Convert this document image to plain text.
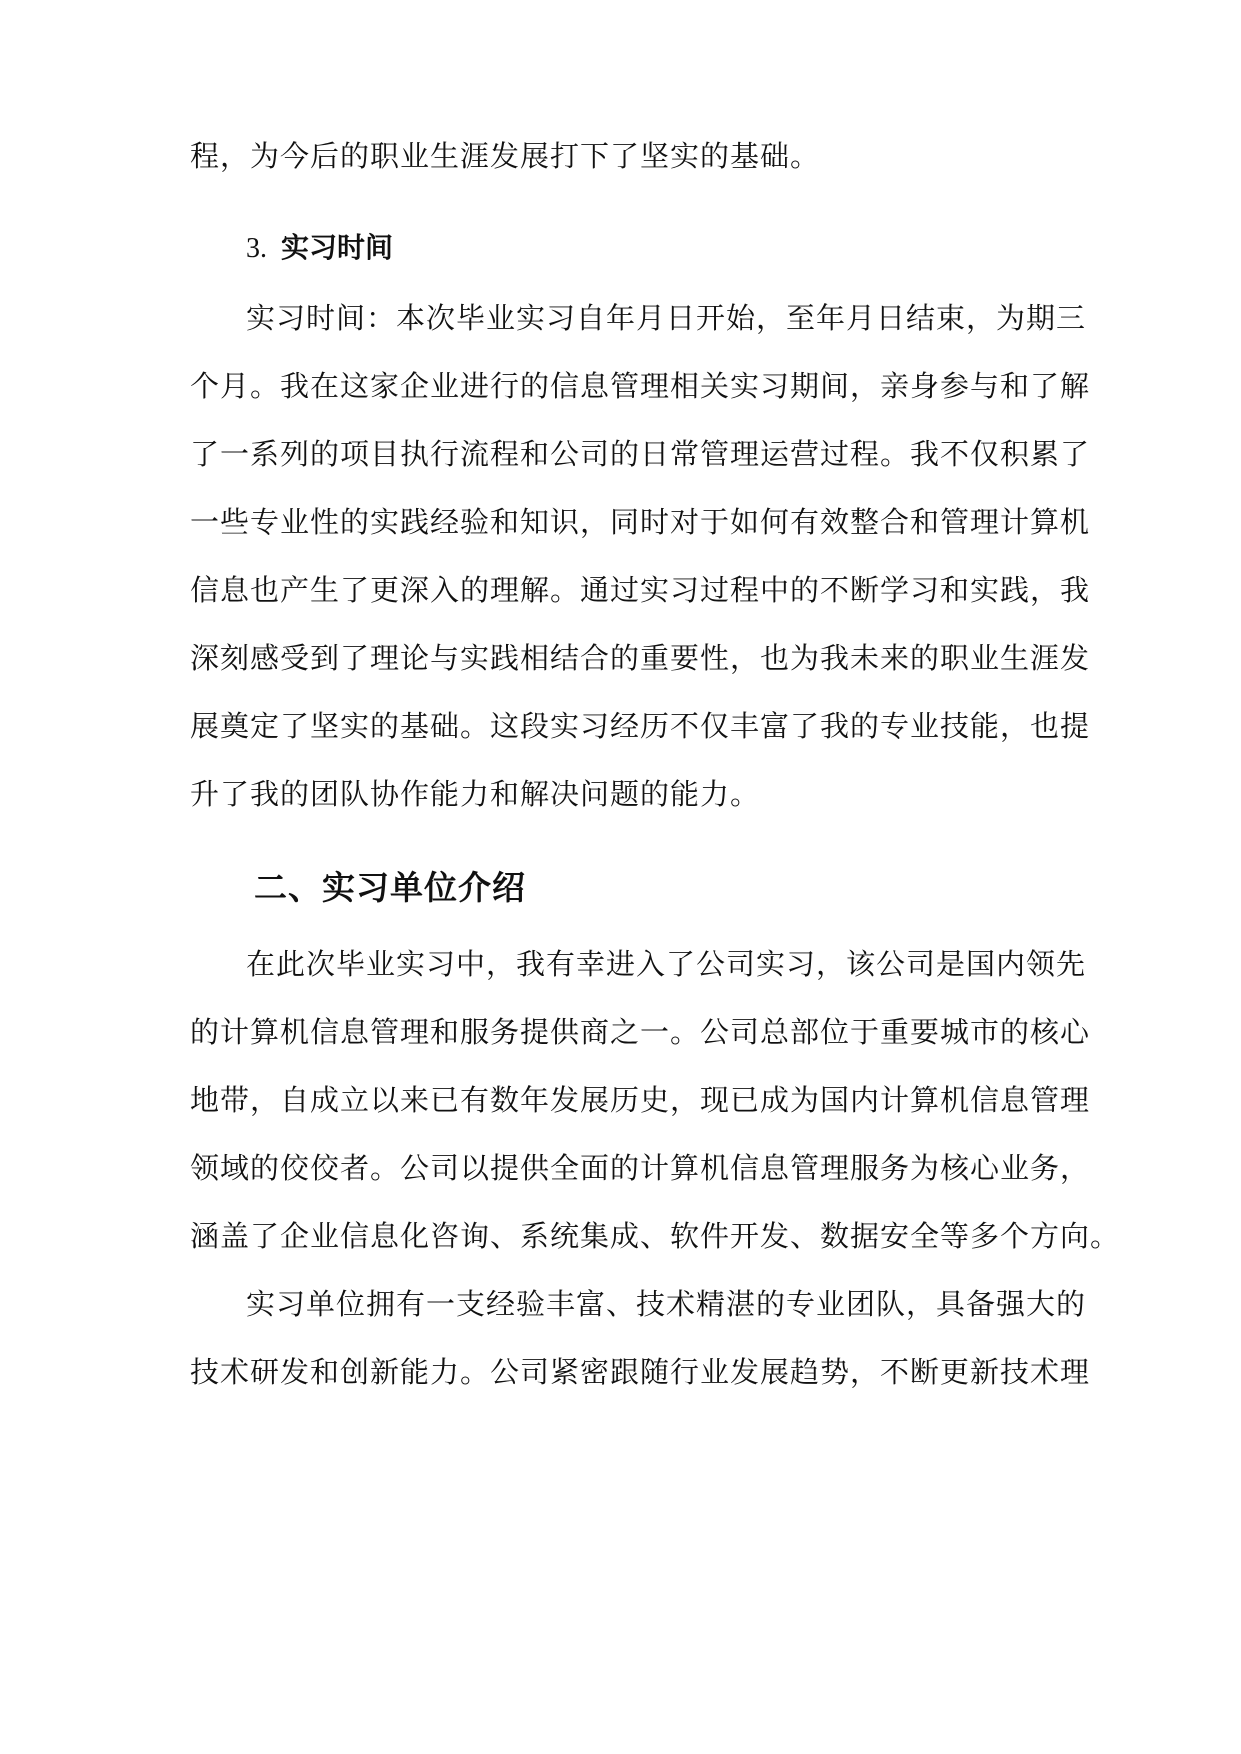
程，为今后的职业生涯发展打下了坚实的基础。
3. 实习时间
实习时间：本次毕业实习自年月日开始，至年月日结束，为期三
个月。我在这家企业进行的信息管理相关实习期间，亲身参与和了解
了一系列的项目执行流程和公司的日常管理运营过程。我不仅积累了
一些专业性的实践经验和知识，同时对于如何有效整合和管理计算机
信息也产生了更深入的理解。通过实习过程中的不断学习和实践，我
深刻感受到了理论与实践相结合的重要性，也为我未来的职业生涯发
展奠定了坚实的基础。这段实习经历不仅丰富了我的专业技能，也提
升了我的团队协作能力和解决问题的能力。
二、实习单位介绍
在此次毕业实习中，我有幸进入了公司实习，该公司是国内领先
的计算机信息管理和服务提供商之一。公司总部位于重要城市的核心
地带，自成立以来已有数年发展历史，现已成为国内计算机信息管理
领域的佼佼者。公司以提供全面的计算机信息管理服务为核心业务，
涵盖了企业信息化咨询、系统集成、软件开发、数据安全等多个方向。
实习单位拥有一支经验丰富、技术精湛的专业团队，具备强大的
技术研发和创新能力。公司紧密跟随行业发展趋势，不断更新技术理
